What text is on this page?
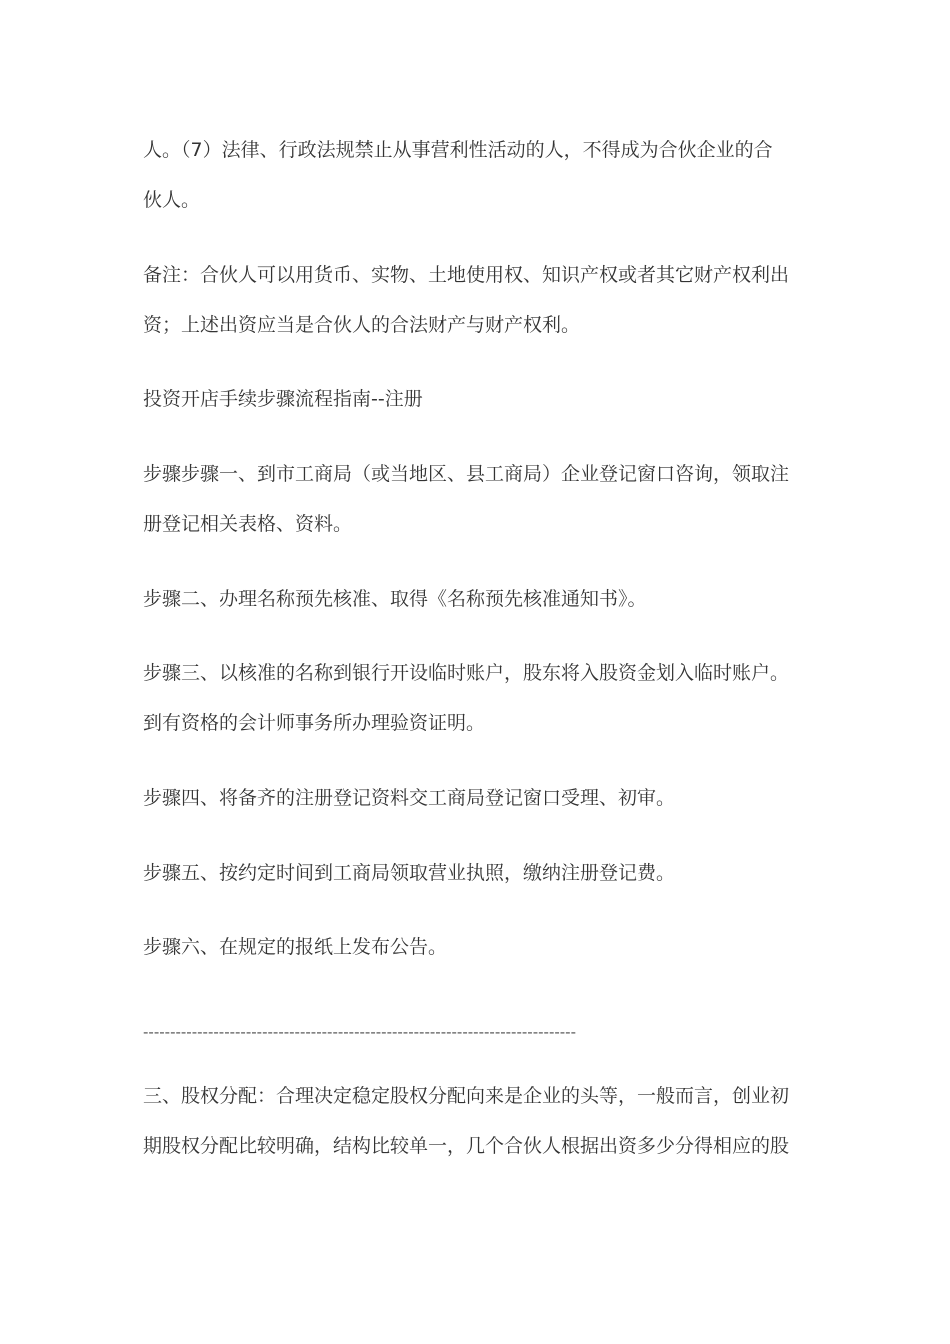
人。（7）法律、行政法规禁止从事营利性活动的人，不得成为合伙企业的合
伙人。
备注：合伙人可以用货币、实物、土地使用权、知识产权或者其它财产权利出
资；上述出资应当是合伙人的合法财产与财产权利。
投资开店手续步骤流程指南--注册
步骤步骤一、到市工商局（或当地区、县工商局）企业登记窗口咨询，领取注
册登记相关表格、资料。
步骤二、办理名称预先核准、取得《名称预先核准通知书》。
步骤三、以核准的名称到银行开设临时账户，股东将入股资金划入临时账户。
到有资格的会计师事务所办理验资证明。
步骤四、将备齐的注册登记资料交工商局登记窗口受理、初审。
步骤五、按约定时间到工商局领取营业执照，缴纳注册登记费。
步骤六、在规定的报纸上发布公告。
--------------------------------------------------------------------------------
三、股权分配：合理决定稳定股权分配向来是企业的头等，一般而言，创业初
期股权分配比较明确，结构比较单一，几个合伙人根据出资多少分得相应的股
